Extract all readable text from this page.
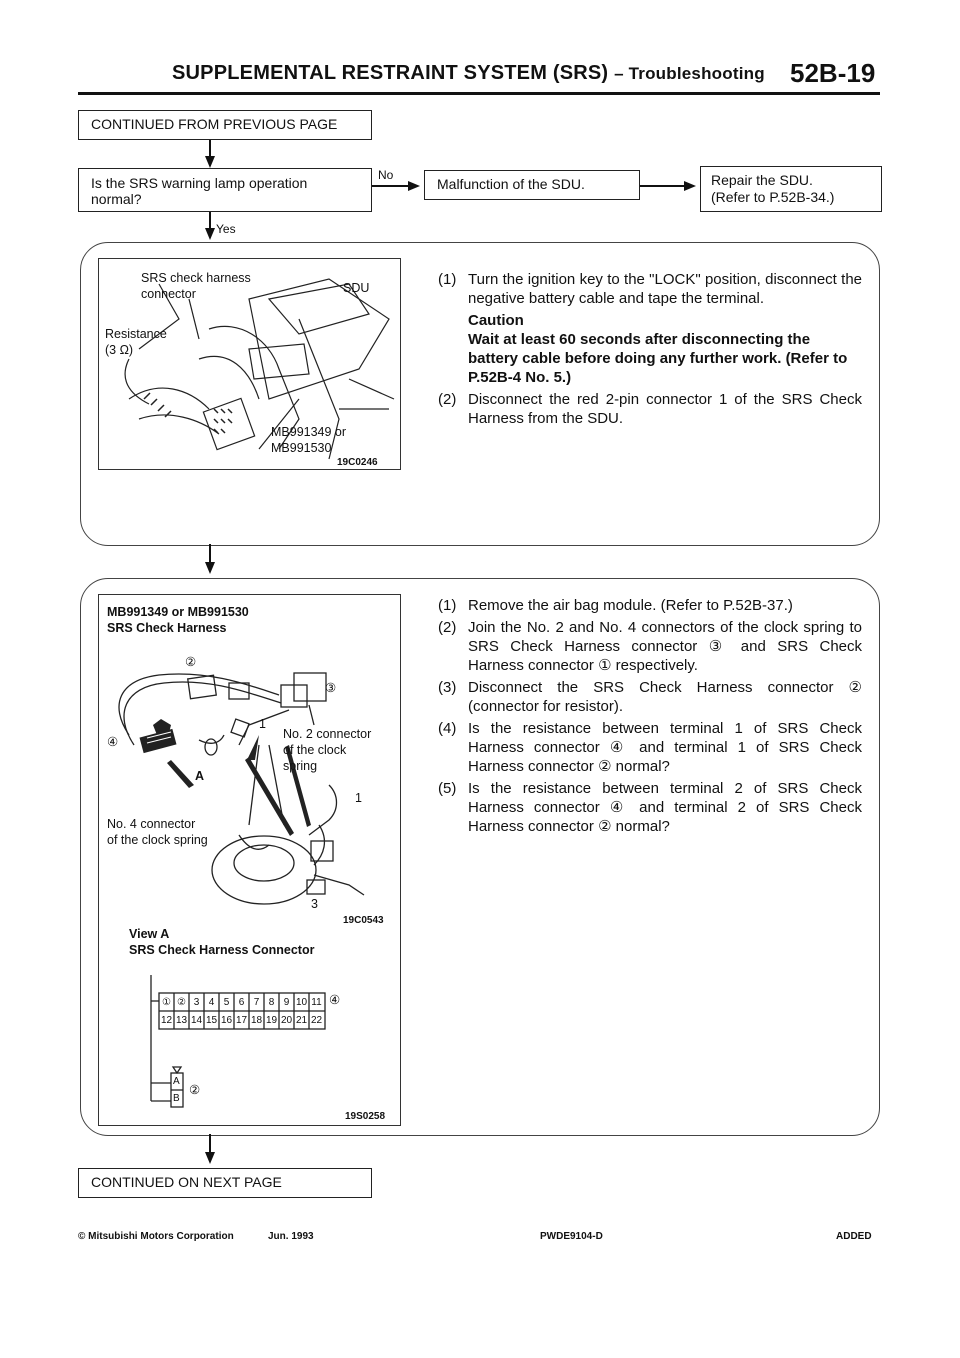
SUPPLEMENTAL RESTRAINT SYSTEM (SRS) – Troubleshooting 52B-19
CONTINUED FROM PREVIOUS PAGE
Is the SRS warning lamp operation normal?
No
Malfunction of the SDU.	Repair the SDU.
(Refer to P.52B-34.)
Yes
SRS check harness
connector	SDU
Resistance
(3 Ω)
MB991349 or
MB991530
19C0246
(1) Turn the ignition key to the "LOCK" position, disconnect the negative battery cable and tape the terminal.
Caution
Wait at least 60 seconds after disconnecting the battery cable before doing any further work. (Refer to P.52B-4 No. 5.)
(2) Disconnect the red 2-pin connector 1 of the SRS Check Harness from the SDU.
MB991349 or MB991530
SRS Check Harness
②
③
④
1
No. 2 connector
of the clock
spring
A
No. 4 connector
of the clock spring
1
3
19C0543
View A
SRS Check Harness Connector
① ② 3 4 5 6 7 8 9 10 11
12 13 14 15 16 17 18 19 20 21 22
④
A
B
②
19S0258
(1) Remove the air bag module. (Refer to P.52B-37.)
(2) Join the No. 2 and No. 4 connectors of the clock spring to SRS Check Harness connector ③ and SRS Check Harness connector ① respectively.
(3) Disconnect the SRS Check Harness connector ② (connector for resistor).
(4) Is the resistance between terminal 1 of SRS Check Harness connector ④ and terminal 1 of SRS Check Harness connector ② normal?
(5) Is the resistance between terminal 2 of SRS Check Harness connector ④ and terminal 2 of SRS Check Harness connector ② normal?
CONTINUED ON NEXT PAGE
© Mitsubishi Motors Corporation	Jun. 1993	PWDE9104-D	ADDED
